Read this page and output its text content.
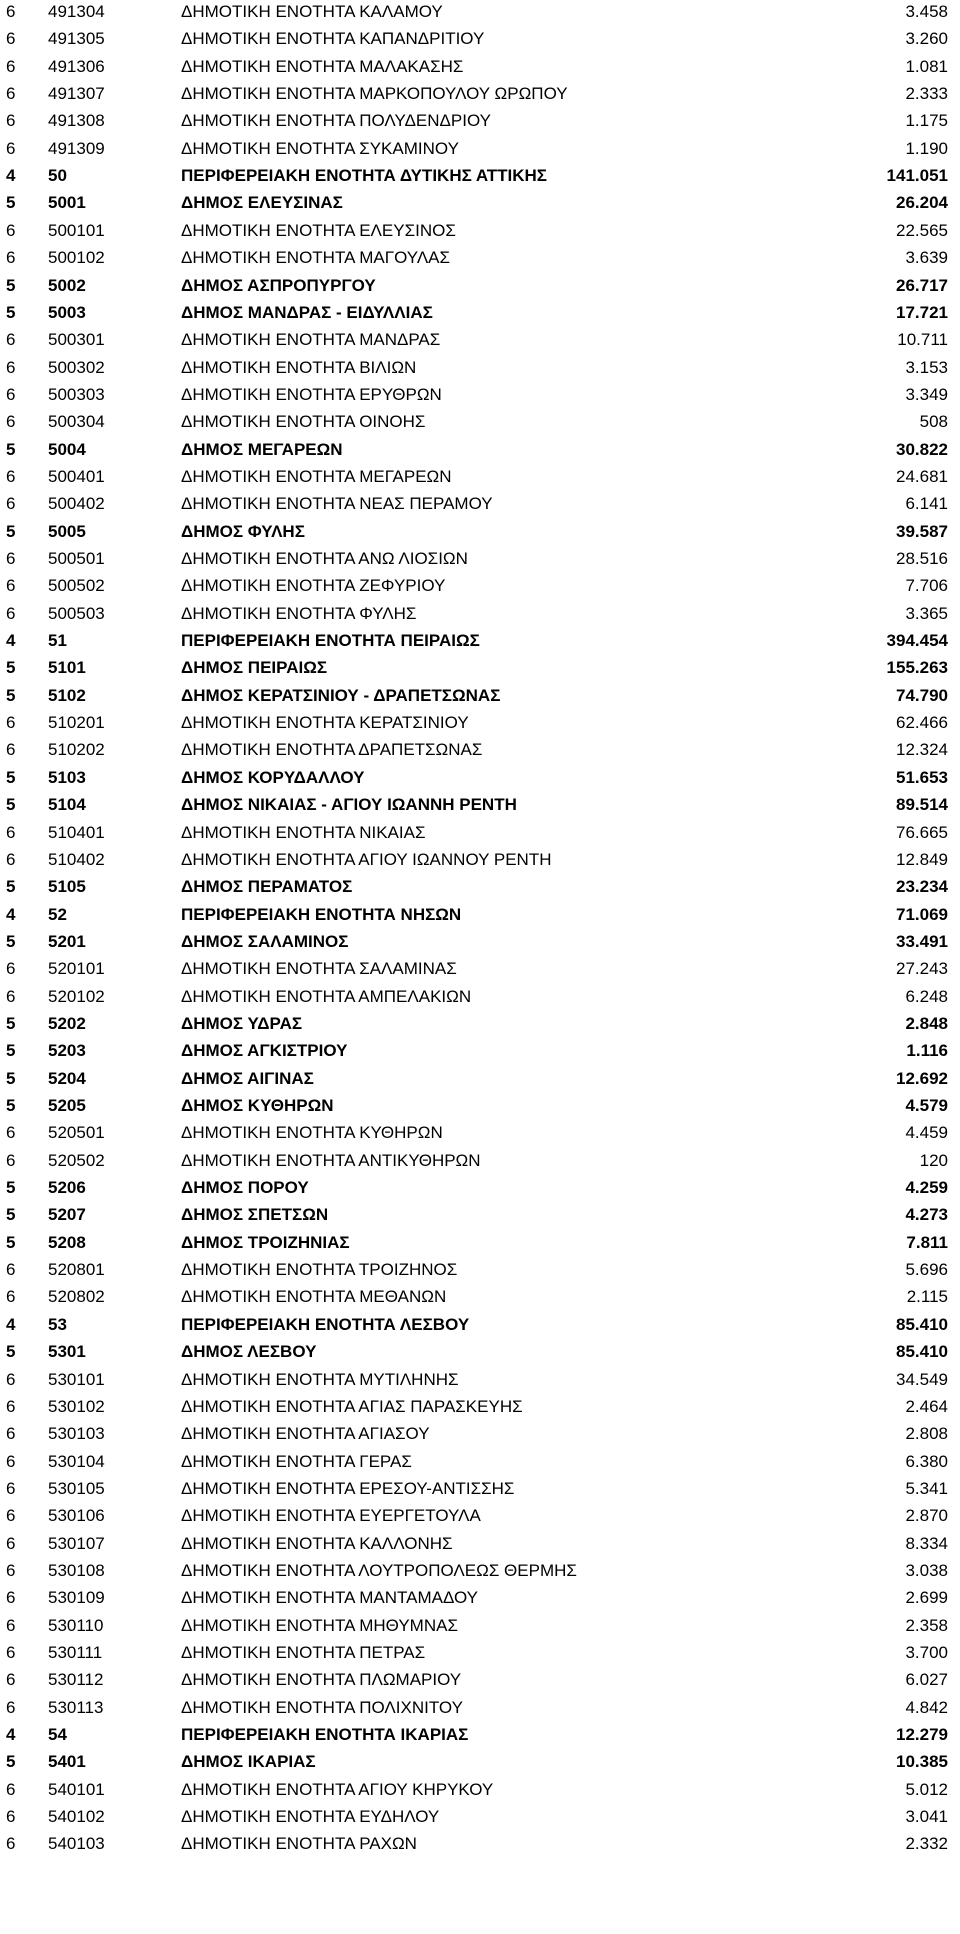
6 491304	ΔΗΜΟΤΙΚΗ ΕΝΟΤΗΤΑ ΚΑΛΑΜΟΥ	3.458
6 491305	ΔΗΜΟΤΙΚΗ ΕΝΟΤΗΤΑ ΚΑΠΑΝΔΡΙΤΙΟΥ	3.260
6 491306	ΔΗΜΟΤΙΚΗ ΕΝΟΤΗΤΑ ΜΑΛΑΚΑΣΗΣ	1.081
6 491307	ΔΗΜΟΤΙΚΗ ΕΝΟΤΗΤΑ ΜΑΡΚΟΠΟΥΛΟΥ ΩΡΩΠΟΥ	2.333
6 491308	ΔΗΜΟΤΙΚΗ ΕΝΟΤΗΤΑ ΠΟΛΥΔΕΝΔΡΙΟΥ	1.175
6 491309	ΔΗΜΟΤΙΚΗ ΕΝΟΤΗΤΑ ΣΥΚΑΜΙΝΟΥ	1.190
4 50	ΠΕΡΙΦΕΡΕΙΑΚΗ ΕΝΟΤΗΤΑ ΔΥΤΙΚΗΣ ΑΤΤΙΚΗΣ	141.051
5 5001	ΔΗΜΟΣ ΕΛΕΥΣΙΝΑΣ	26.204
6 500101	ΔΗΜΟΤΙΚΗ ΕΝΟΤΗΤΑ ΕΛΕΥΣΙΝΟΣ	22.565
6 500102	ΔΗΜΟΤΙΚΗ ΕΝΟΤΗΤΑ ΜΑΓΟΥΛΑΣ	3.639
5 5002	ΔΗΜΟΣ ΑΣΠΡΟΠΥΡΓΟΥ	26.717
5 5003	ΔΗΜΟΣ ΜΑΝΔΡΑΣ - ΕΙΔΥΛΛΙΑΣ	17.721
6 500301	ΔΗΜΟΤΙΚΗ ΕΝΟΤΗΤΑ ΜΑΝΔΡΑΣ	10.711
6 500302	ΔΗΜΟΤΙΚΗ ΕΝΟΤΗΤΑ ΒΙΛΙΩΝ	3.153
6 500303	ΔΗΜΟΤΙΚΗ ΕΝΟΤΗΤΑ ΕΡΥΘΡΩΝ	3.349
6 500304	ΔΗΜΟΤΙΚΗ ΕΝΟΤΗΤΑ ΟΙΝΟΗΣ	508
5 5004	ΔΗΜΟΣ ΜΕΓΑΡΕΩΝ	30.822
6 500401	ΔΗΜΟΤΙΚΗ ΕΝΟΤΗΤΑ ΜΕΓΑΡΕΩΝ	24.681
6 500402	ΔΗΜΟΤΙΚΗ ΕΝΟΤΗΤΑ ΝΕΑΣ ΠΕΡΑΜΟΥ	6.141
5 5005	ΔΗΜΟΣ ΦΥΛΗΣ	39.587
6 500501	ΔΗΜΟΤΙΚΗ ΕΝΟΤΗΤΑ ΑΝΩ ΛΙΟΣΙΩΝ	28.516
6 500502	ΔΗΜΟΤΙΚΗ ΕΝΟΤΗΤΑ ΖΕΦΥΡΙΟΥ	7.706
6 500503	ΔΗΜΟΤΙΚΗ ΕΝΟΤΗΤΑ ΦΥΛΗΣ	3.365
4 51	ΠΕΡΙΦΕΡΕΙΑΚΗ ΕΝΟΤΗΤΑ ΠΕΙΡΑΙΩΣ	394.454
5 5101	ΔΗΜΟΣ ΠΕΙΡΑΙΩΣ	155.263
5 5102	ΔΗΜΟΣ ΚΕΡΑΤΣΙΝΙΟΥ - ΔΡΑΠΕΤΣΩΝΑΣ	74.790
6 510201	ΔΗΜΟΤΙΚΗ ΕΝΟΤΗΤΑ ΚΕΡΑΤΣΙΝΙΟΥ	62.466
6 510202	ΔΗΜΟΤΙΚΗ ΕΝΟΤΗΤΑ ΔΡΑΠΕΤΣΩΝΑΣ	12.324
5 5103	ΔΗΜΟΣ ΚΟΡΥΔΑΛΛΟΥ	51.653
5 5104	ΔΗΜΟΣ ΝΙΚΑΙΑΣ - ΑΓΙΟΥ ΙΩΑΝΝΗ ΡΕΝΤΗ	89.514
6 510401	ΔΗΜΟΤΙΚΗ ΕΝΟΤΗΤΑ ΝΙΚΑΙΑΣ	76.665
6 510402	ΔΗΜΟΤΙΚΗ ΕΝΟΤΗΤΑ ΑΓΙΟΥ ΙΩΑΝΝΟΥ ΡΕΝΤΗ	12.849
5 5105	ΔΗΜΟΣ ΠΕΡΑΜΑΤΟΣ	23.234
4 52	ΠΕΡΙΦΕΡΕΙΑΚΗ ΕΝΟΤΗΤΑ ΝΗΣΩΝ	71.069
5 5201	ΔΗΜΟΣ ΣΑΛΑΜΙΝΟΣ	33.491
6 520101	ΔΗΜΟΤΙΚΗ ΕΝΟΤΗΤΑ ΣΑΛΑΜΙΝΑΣ	27.243
6 520102	ΔΗΜΟΤΙΚΗ ΕΝΟΤΗΤΑ ΑΜΠΕΛΑΚΙΩΝ	6.248
5 5202	ΔΗΜΟΣ ΥΔΡΑΣ	2.848
5 5203	ΔΗΜΟΣ ΑΓΚΙΣΤΡΙΟΥ	1.116
5 5204	ΔΗΜΟΣ ΑΙΓΙΝΑΣ	12.692
5 5205	ΔΗΜΟΣ ΚΥΘΗΡΩΝ	4.579
6 520501	ΔΗΜΟΤΙΚΗ ΕΝΟΤΗΤΑ ΚΥΘΗΡΩΝ	4.459
6 520502	ΔΗΜΟΤΙΚΗ ΕΝΟΤΗΤΑ ΑΝΤΙΚΥΘΗΡΩΝ	120
5 5206	ΔΗΜΟΣ ΠΟΡΟΥ	4.259
5 5207	ΔΗΜΟΣ ΣΠΕΤΣΩΝ	4.273
5 5208	ΔΗΜΟΣ ΤΡΟΙΖΗΝΙΑΣ	7.811
6 520801	ΔΗΜΟΤΙΚΗ ΕΝΟΤΗΤΑ ΤΡΟΙΖΗΝΟΣ	5.696
6 520802	ΔΗΜΟΤΙΚΗ ΕΝΟΤΗΤΑ ΜΕΘΑΝΩΝ	2.115
4 53	ΠΕΡΙΦΕΡΕΙΑΚΗ ΕΝΟΤΗΤΑ ΛΕΣΒΟΥ	85.410
5 5301	ΔΗΜΟΣ ΛΕΣΒΟΥ	85.410
6 530101	ΔΗΜΟΤΙΚΗ ΕΝΟΤΗΤΑ ΜΥΤΙΛΗΝΗΣ	34.549
6 530102	ΔΗΜΟΤΙΚΗ ΕΝΟΤΗΤΑ ΑΓΙΑΣ ΠΑΡΑΣΚΕΥΗΣ	2.464
6 530103	ΔΗΜΟΤΙΚΗ ΕΝΟΤΗΤΑ ΑΓΙΑΣΟΥ	2.808
6 530104	ΔΗΜΟΤΙΚΗ ΕΝΟΤΗΤΑ ΓΕΡΑΣ	6.380
6 530105	ΔΗΜΟΤΙΚΗ ΕΝΟΤΗΤΑ ΕΡΕΣΟΥ-ΑΝΤΙΣΣΗΣ	5.341
6 530106	ΔΗΜΟΤΙΚΗ ΕΝΟΤΗΤΑ ΕΥΕΡΓΕΤΟΥΛΑ	2.870
6 530107	ΔΗΜΟΤΙΚΗ ΕΝΟΤΗΤΑ ΚΑΛΛΟΝΗΣ	8.334
6 530108	ΔΗΜΟΤΙΚΗ ΕΝΟΤΗΤΑ ΛΟΥΤΡΟΠΟΛΕΩΣ ΘΕΡΜΗΣ	3.038
6 530109	ΔΗΜΟΤΙΚΗ ΕΝΟΤΗΤΑ ΜΑΝΤΑΜΑΔΟΥ	2.699
6 530110	ΔΗΜΟΤΙΚΗ ΕΝΟΤΗΤΑ ΜΗΘΥΜΝΑΣ	2.358
6 530111	ΔΗΜΟΤΙΚΗ ΕΝΟΤΗΤΑ ΠΕΤΡΑΣ	3.700
6 530112	ΔΗΜΟΤΙΚΗ ΕΝΟΤΗΤΑ ΠΛΩΜΑΡΙΟΥ	6.027
6 530113	ΔΗΜΟΤΙΚΗ ΕΝΟΤΗΤΑ ΠΟΛΙΧΝΙΤΟΥ	4.842
4 54	ΠΕΡΙΦΕΡΕΙΑΚΗ ΕΝΟΤΗΤΑ ΙΚΑΡΙΑΣ	12.279
5 5401	ΔΗΜΟΣ ΙΚΑΡΙΑΣ	10.385
6 540101	ΔΗΜΟΤΙΚΗ ΕΝΟΤΗΤΑ ΑΓΙΟΥ ΚΗΡΥΚΟΥ	5.012
6 540102	ΔΗΜΟΤΙΚΗ ΕΝΟΤΗΤΑ ΕΥΔΗΛΟΥ	3.041
6 540103	ΔΗΜΟΤΙΚΗ ΕΝΟΤΗΤΑ ΡΑΧΩΝ	2.332
